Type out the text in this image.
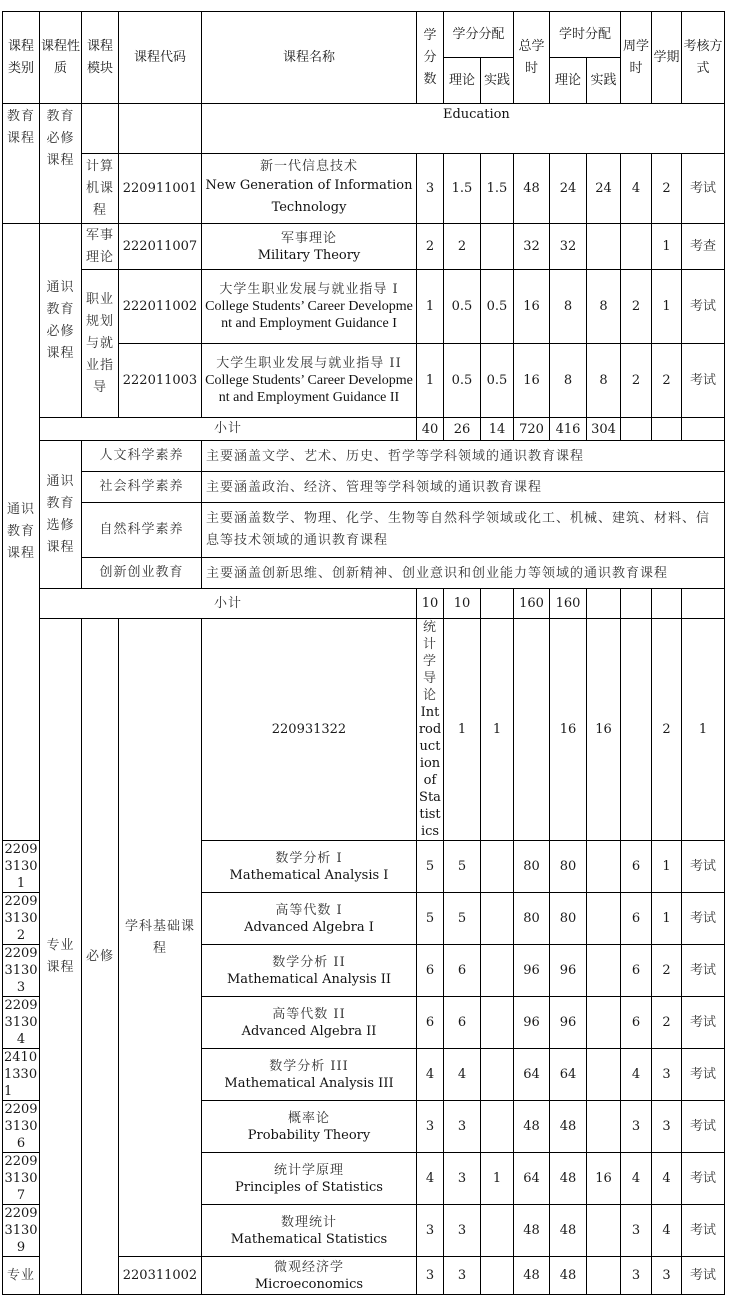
课程类别	课程性质	课程模块	课程代码	课程名称	学分数	学分分配		总学时	学时分配		周学时	学期	考核方式	
						理论	实践		理论	实践				
教育课程	教育必修课程			Education										

		计算机课程	220911001	新一代信息技术
New Generation of Information Technology	3	1.5	1.5	48	24	24	4	2	考试	
通识教育课程	通识教育必修课程	军事理论	222011007	军事理论
Military Theory	2	2		32	32			1	考查	
		职业规划与就业指导	222011002	大学生职业发展与就业指导 I
College Students’ Career Development and Employment Guidance I	1	0.5	0.5	16	8	8	2	1	考试	
			222011003	大学生职业发展与就业指导 II
College Students’ Career Development and Employment Guidance II	1	0.5	0.5	16	8	8	2	2	考试	
	小计				40	26	14	720	416	304				
	通识教育选修课程	人文科学素养		主要涵盖文学、艺术、历史、哲学等学科领域的通识教育课程										
		社会科学素养		主要涵盖政治、经济、管理等学科领域的通识教育课程										
		自然科学素养		主要涵盖数学、物理、化学、生物等自然科学领域或化工、机械、建筑、材料、信息等技术领域的通识教育课程										
		创新创业教育		主要涵盖创新思维、创新精神、创业意识和创业能力等领域的通识教育课程										
	小计				10	10		160	160					
	专业课程	必修	学科基础课程	220931322	统计学导论
Introduction of Statistics	1	1		16	16		2	1	
220931301				数学分析 I
Mathematical Analysis I	5	5		80	80		6	1	考试	
220931302				高等代数 I
Advanced Algebra I	5	5		80	80		6	1	考试	
220931303				数学分析 II
Mathematical Analysis II	6	6		96	96		6	2	考试	
220931304				高等代数 II
Advanced Algebra II	6	6		96	96		6	2	考试	
241013301				数学分析 III
Mathematical Analysis III	4	4		64	64		4	3	考试	
220931306				概率论
Probability Theory	3	3		48	48		3	3	考试	
220931307				统计学原理
Principles of Statistics	4	3	1	64	48	16	4	4	考试	
220931309				数理统计
Mathematical Statistics	3	3		48	48		3	4	考试	
专业			220311002	微观经济学
Microeconomics	3	3		48	48		3	3	考试	
